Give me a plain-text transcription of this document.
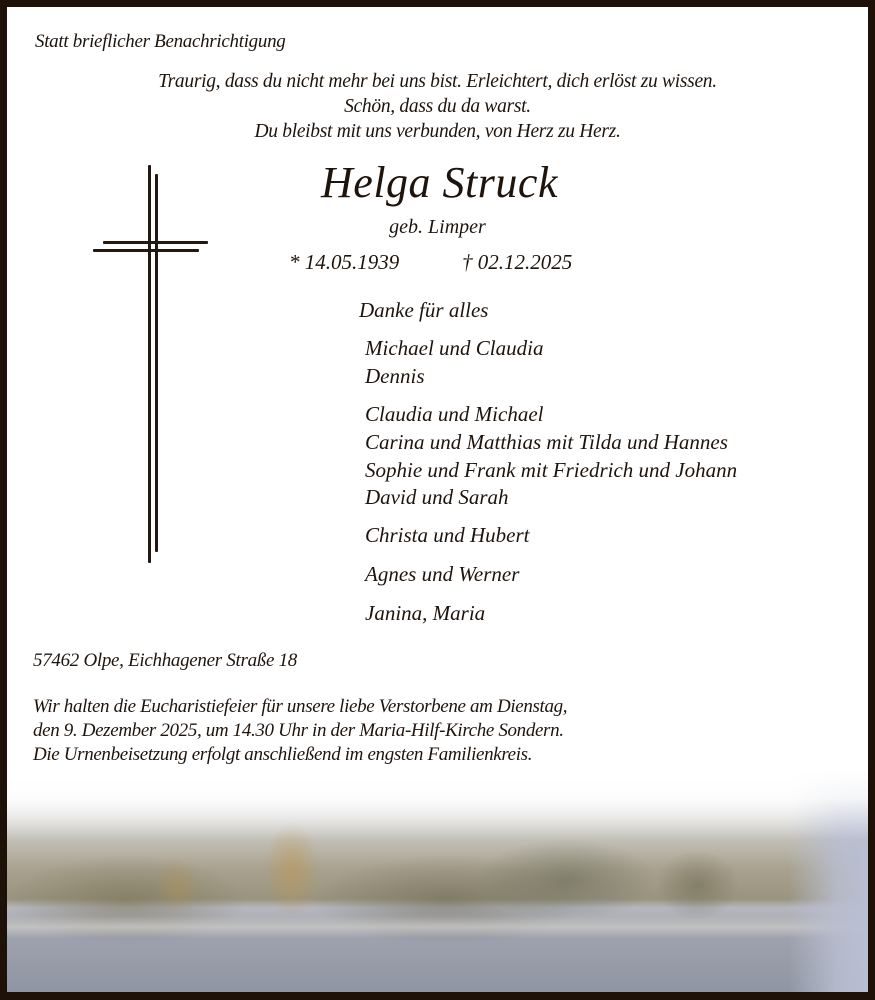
Statt brieflicher Benachrichtigung
Traurig, dass du nicht mehr bei uns bist. Erleichtert, dich erlöst zu wissen.
Schön, dass du da warst.
Du bleibst mit uns verbunden, von Herz zu Herz.
Helga Struck
geb. Limper
* 14.05.1939	† 02.12.2025
Danke für alles
Michael und Claudia
Dennis
Claudia und Michael
Carina und Matthias mit Tilda und Hannes
Sophie und Frank mit Friedrich und Johann
David und Sarah
Christa und Hubert
Agnes und Werner
Janina, Maria
57462 Olpe, Eichhagener Straße 18
Wir halten die Eucharistiefeier für unsere liebe Verstorbene am Dienstag,
den 9. Dezember 2025, um 14.30 Uhr in der Maria-Hilf-Kirche Sondern.
Die Urnenbeisetzung erfolgt anschließend im engsten Familienkreis.
